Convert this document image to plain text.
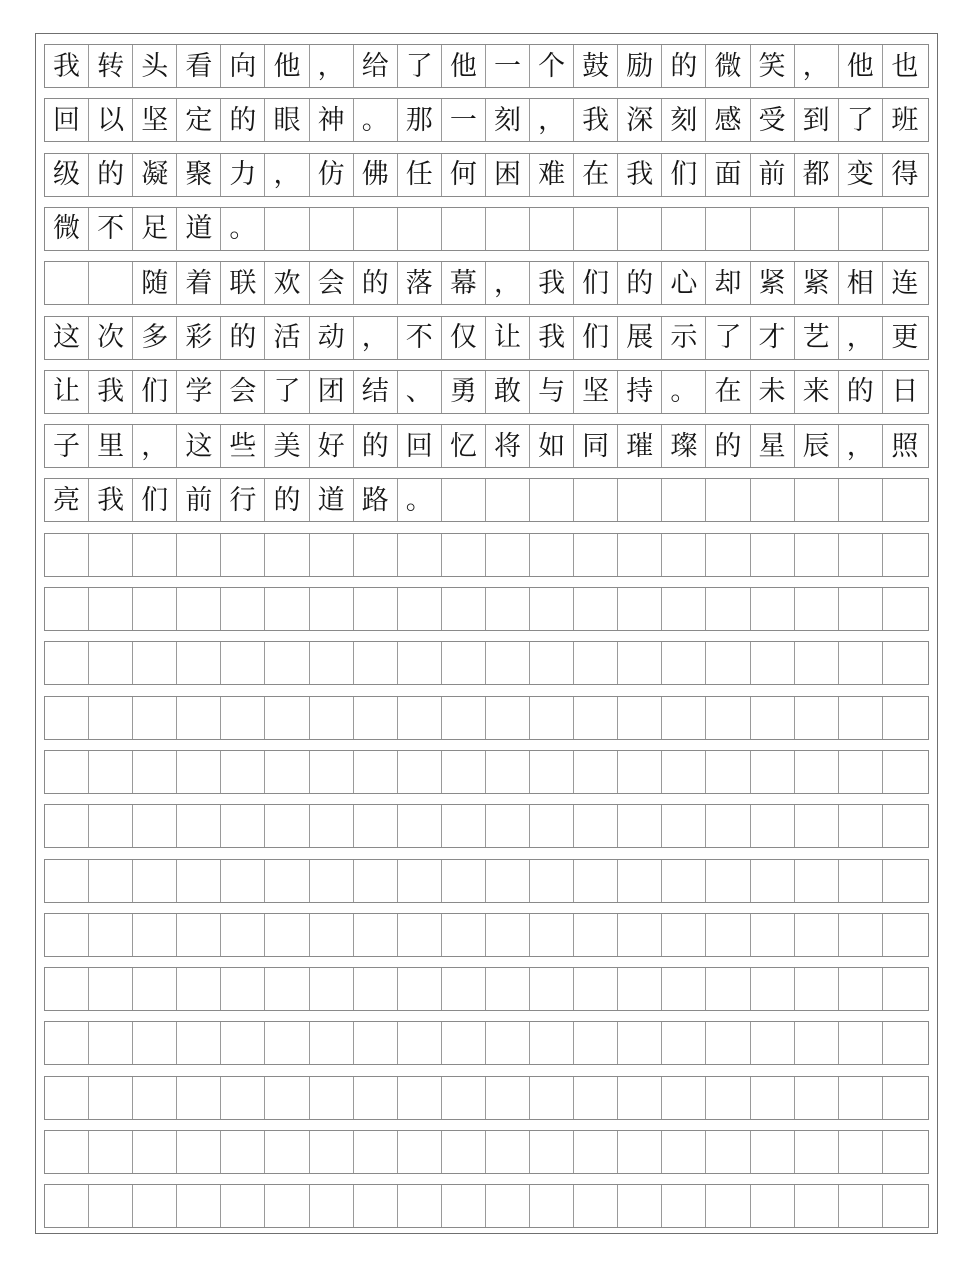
我 转 头 看 向 他 ， 给 了 他 一 个 鼓 励 的 微 笑 ， 他 也
回 以 坚 定 的 眼 神 。 那 一 刻 ， 我 深 刻 感 受 到 了 班
级 的 凝 聚 力 ， 仿 佛 任 何 困 难 在 我 们 面 前 都 变 得
微 不 足 道 。
随 着 联 欢 会 的 落 幕 ， 我 们 的 心 却 紧 紧 相 连
这 次 多 彩 的 活 动 ， 不 仅 让 我 们 展 示 了 才 艺 ， 更
让 我 们 学 会 了 团 结 、 勇 敢 与 坚 持 。 在 未 来 的 日
子 里 ， 这 些 美 好 的 回 忆 将 如 同 璀 璨 的 星 辰 ， 照
亮 我 们 前 行 的 道 路 。
